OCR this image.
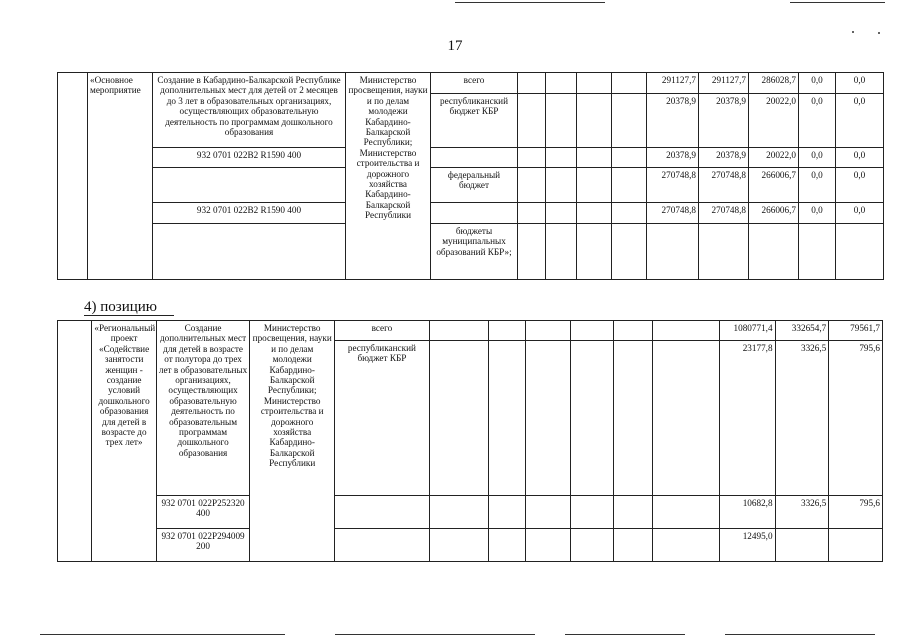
17
	«Основное мероприятие	Создание в Кабардино-Балкарской Республике дополнительных мест для детей от 2 месяцев до 3 лет в образовательных организациях, осуществляющих образовательную деятельность по программам дошкольного образования	Министерство просвещения, науки и по делам молодежи Кабардино-Балкарской Республики; Министерство строительства и дорожного хозяйства Кабардино-Балкарской Республики	всего					291127,7	291127,7	286028,7	0,0	0,0
				республиканский бюджет КБР					20378,9	20378,9	20022,0	0,0	0,0
		932 0701 022B2 R1590 400							20378,9	20378,9	20022,0	0,0	0,0
				федеральный бюджет					270748,8	270748,8	266006,7	0,0	0,0
		932 0701 022B2 R1590 400							270748,8	270748,8	266006,7	0,0	0,0
				бюджеты муниципальных образований КБР»;									
4) позицию
	«Региональный проект «Содействие занятости женщин - создание условий дошкольного образования для детей в возрасте до трех лет»	Создание дополнительных мест для детей в возрасте от полутора до трех лет в образовательных организациях, осуществляющих образовательную деятельность по образовательным программам дошкольного образования	Министерство просвещения, науки и по делам молодежи Кабардино-Балкарской Республики; Министерство строительства и дорожного хозяйства Кабардино-Балкарской Республики	всего							1080771,4	332654,7	79561,7
				республиканский бюджет КБР							23177,8	3326,5	795,6
		932 0701 022P252320 400									10682,8	3326,5	795,6
		932 0701 022P294009 200									12495,0		
